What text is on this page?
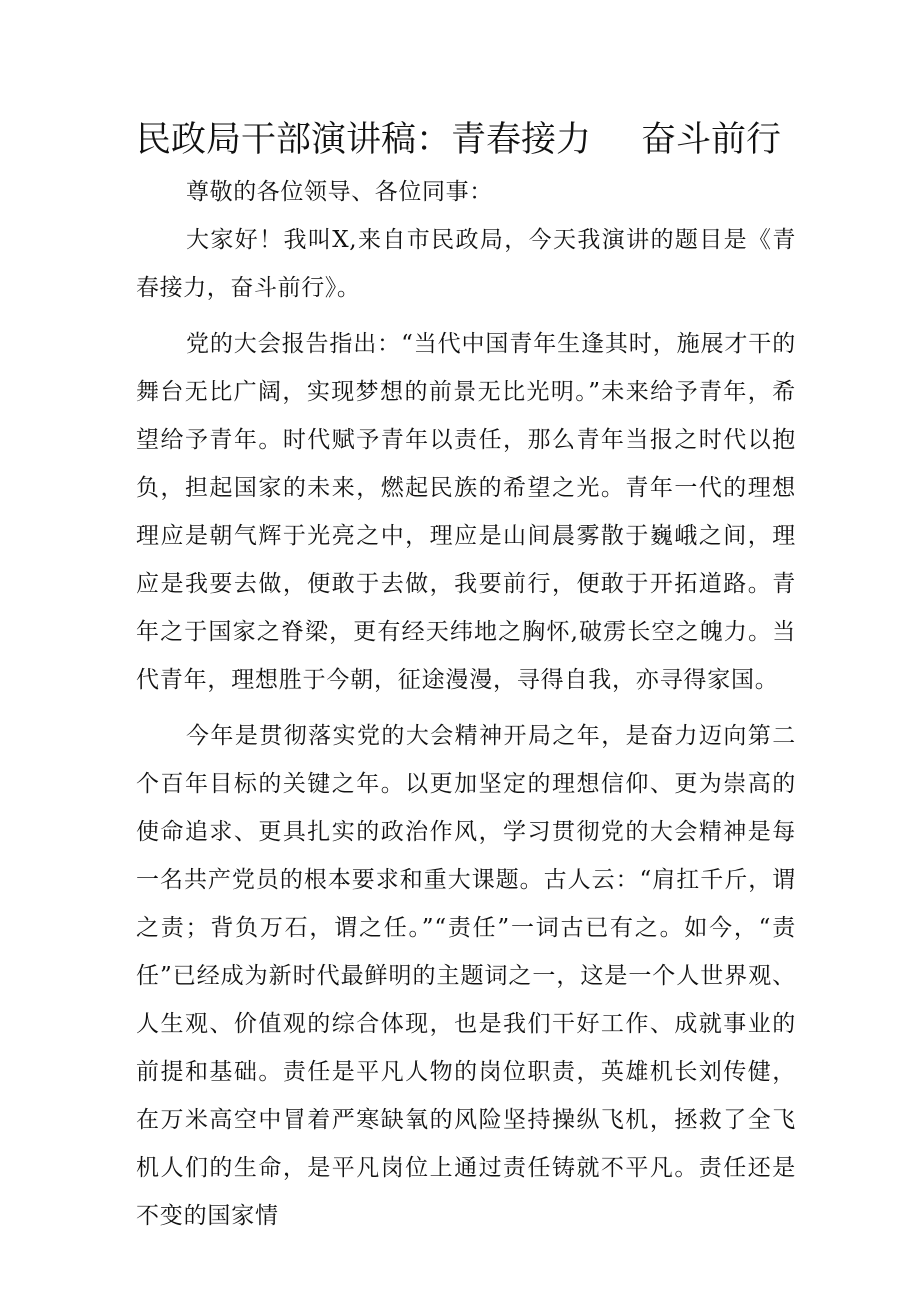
民政局干部演讲稿：青春接力 奋斗前行

尊敬的各位领导、各位同事：

大家好！我叫X,来自市民政局，今天我演讲的题目是《青春接力，奋斗前行》。

党的大会报告指出：“当代中国青年生逢其时，施展才干的舞台无比广阔，实现梦想的前景无比光明。”未来给予青年，希望给予青年。时代赋予青年以责任，那么青年当报之时代以抱负，担起国家的未来，燃起民族的希望之光。青年一代的理想理应是朝气辉于光亮之中，理应是山间晨雾散于巍峨之间，理应是我要去做，便敢于去做，我要前行，便敢于开拓道路。青年之于国家之脊梁，更有经天纬地之胸怀,破雳长空之魄力。当代青年，理想胜于今朝，征途漫漫，寻得自我，亦寻得家国。

今年是贯彻落实党的大会精神开局之年，是奋力迈向第二个百年目标的关键之年。以更加坚定的理想信仰、更为崇高的使命追求、更具扎实的政治作风，学习贯彻党的大会精神是每一名共产党员的根本要求和重大课题。古人云：“肩扛千斤，谓之责；背负万石，谓之任。”“责任”一词古已有之。如今，“责任”已经成为新时代最鲜明的主题词之一，这是一个人世界观、人生观、价值观的综合体现，也是我们干好工作、成就事业的前提和基础。责任是平凡人物的岗位职责，英雄机长刘传健，在万米高空中冒着严寒缺氧的风险坚持操纵飞机，拯救了全飞机人们的生命，是平凡岗位上通过责任铸就不平凡。责任还是不变的国家情
